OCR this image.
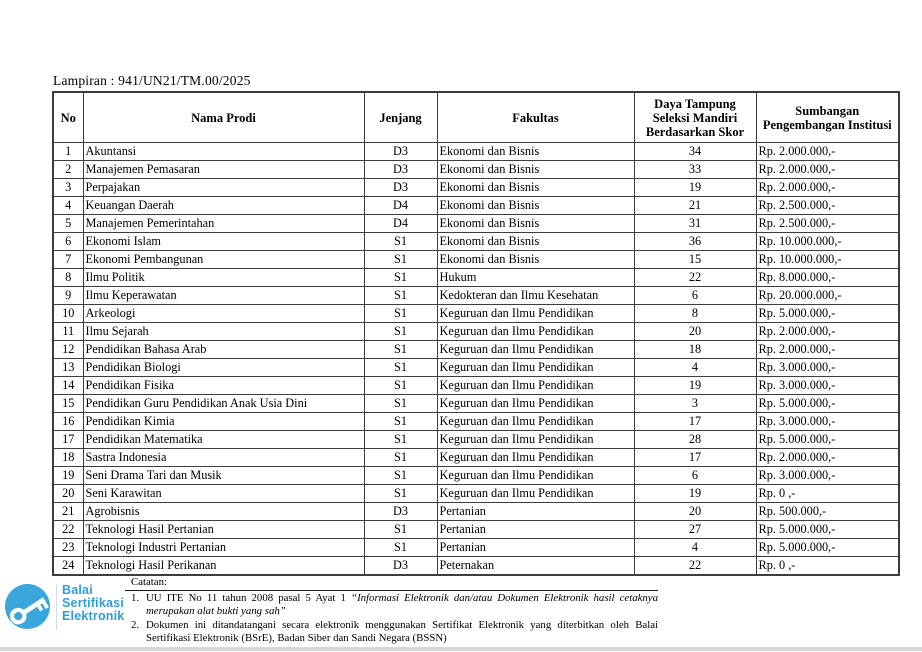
Lampiran : 941/UN21/TM.00/2025
No	Nama Prodi	Jenjang	Fakultas	Daya Tampung Seleksi Mandiri Berdasarkan Skor	Sumbangan Pengembangan Institusi
1	Akuntansi	D3	Ekonomi dan Bisnis	34	Rp. 2.000.000,-
2	Manajemen Pemasaran	D3	Ekonomi dan Bisnis	33	Rp. 2.000.000,-
3	Perpajakan	D3	Ekonomi dan Bisnis	19	Rp. 2.000.000,-
4	Keuangan Daerah	D4	Ekonomi dan Bisnis	21	Rp. 2.500.000,-
5	Manajemen Pemerintahan	D4	Ekonomi dan Bisnis	31	Rp. 2.500.000,-
6	Ekonomi Islam	S1	Ekonomi dan Bisnis	36	Rp. 10.000.000,-
7	Ekonomi Pembangunan	S1	Ekonomi dan Bisnis	15	Rp. 10.000.000,-
8	Ilmu Politik	S1	Hukum	22	Rp. 8.000.000,-
9	Ilmu Keperawatan	S1	Kedokteran dan Ilmu Kesehatan	6	Rp. 20.000.000,-
10	Arkeologi	S1	Keguruan dan Ilmu Pendidikan	8	Rp. 5.000.000,-
11	Ilmu Sejarah	S1	Keguruan dan Ilmu Pendidikan	20	Rp. 2.000.000,-
12	Pendidikan Bahasa Arab	S1	Keguruan dan Ilmu Pendidikan	18	Rp. 2.000.000,-
13	Pendidikan Biologi	S1	Keguruan dan Ilmu Pendidikan	4	Rp. 3.000.000,-
14	Pendidikan Fisika	S1	Keguruan dan Ilmu Pendidikan	19	Rp. 3.000.000,-
15	Pendidikan Guru Pendidikan Anak Usia Dini	S1	Keguruan dan Ilmu Pendidikan	3	Rp. 5.000.000,-
16	Pendidikan Kimia	S1	Keguruan dan Ilmu Pendidikan	17	Rp. 3.000.000,-
17	Pendidikan Matematika	S1	Keguruan dan Ilmu Pendidikan	28	Rp. 5.000.000,-
18	Sastra Indonesia	S1	Keguruan dan Ilmu Pendidikan	17	Rp. 2.000.000,-
19	Seni Drama Tari dan Musik	S1	Keguruan dan Ilmu Pendidikan	6	Rp. 3.000.000,-
20	Seni Karawitan	S1	Keguruan dan Ilmu Pendidikan	19	Rp. 0 ,-
21	Agrobisnis	D3	Pertanian	20	Rp. 500.000,-
22	Teknologi Hasil Pertanian	S1	Pertanian	27	Rp. 5.000.000,-
23	Teknologi Industri Pertanian	S1	Pertanian	4	Rp. 5.000.000,-
24	Teknologi Hasil Perikanan	D3	Peternakan	22	Rp. 0 ,-
Balai
Sertifikasi
Elektronik
Catatan:
1. UU ITE No 11 tahun 2008 pasal 5 Ayat 1 “Informasi Elektronik dan/atau Dokumen Elektronik hasil cetaknya merupakan alat bukti yang sah”
2. Dokumen ini ditandatangani secara elektronik menggunakan Sertifikat Elektronik yang diterbitkan oleh Balai Sertifikasi Elektronik (BSrE), Badan Siber dan Sandi Negara (BSSN)
